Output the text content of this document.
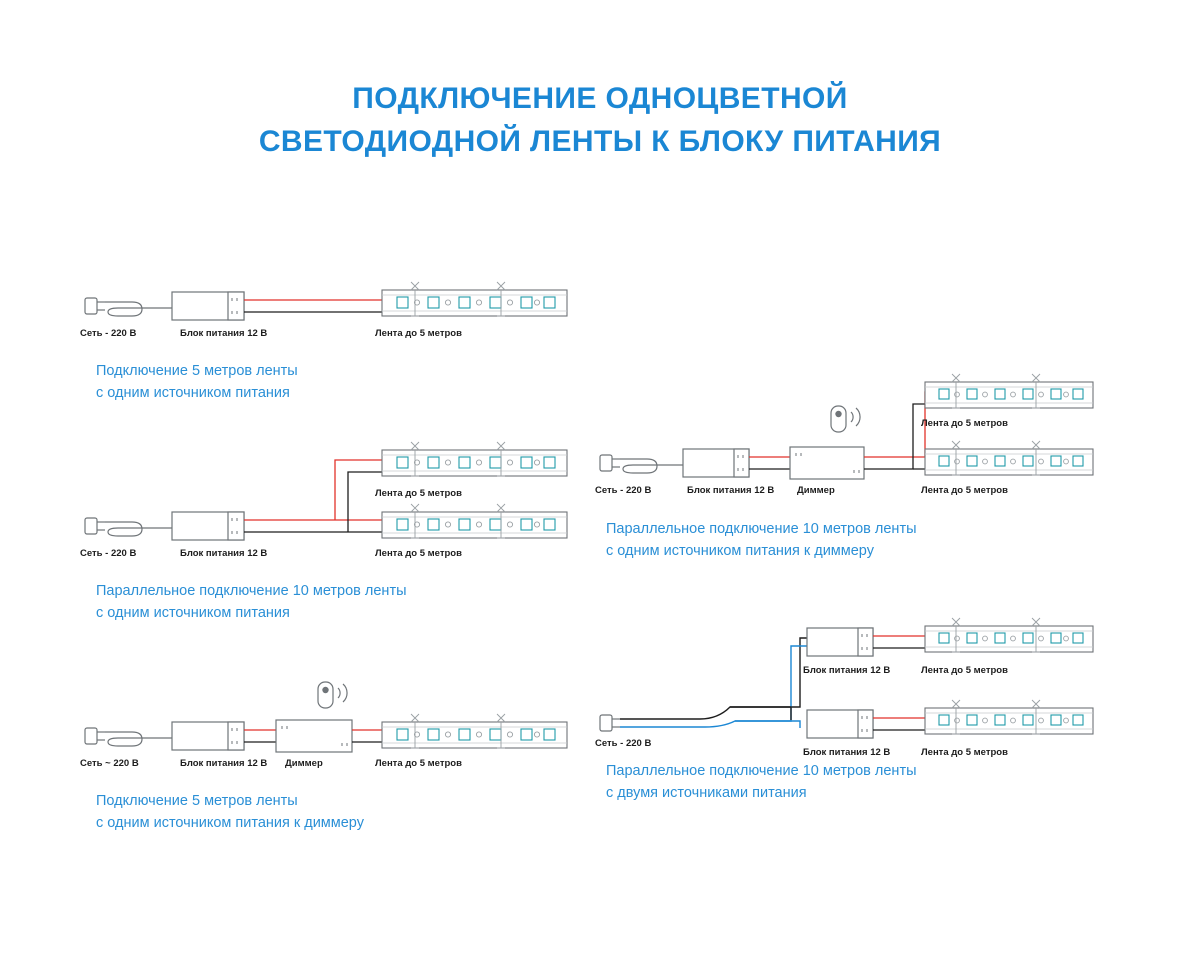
ПОДКЛЮЧЕНИЕ ОДНОЦВЕТНОЙ
СВЕТОДИОДНОЙ ЛЕНТЫ К БЛОКУ ПИТАНИЯ
Сеть - 220 В	Блок питания 12 В	Лента до 5 метров
Подключение 5 метров ленты
с одним источником питания
Лента до 5 метров
Сеть - 220 В	Блок питания 12 В	Лента до 5 метров
Параллельное подключение 10 метров ленты
с одним источником питания
Сеть ~ 220 В	Блок питания 12 В Диммер	Лента до 5 метров
Подключение 5 метров ленты
с одним источником питания к диммеру
Лента до 5 метров
Сеть - 220 В	Блок питания 12 В Диммер	Лента до 5 метров
Параллельное подключение 10 метров ленты
с одним источником питания к диммеру
Блок питания 12 В	Лента до 5 метров
Сеть - 220 В
Блок питания 12 В	Лента до 5 метров
Параллельное подключение 10 метров ленты
с двумя источниками питания
